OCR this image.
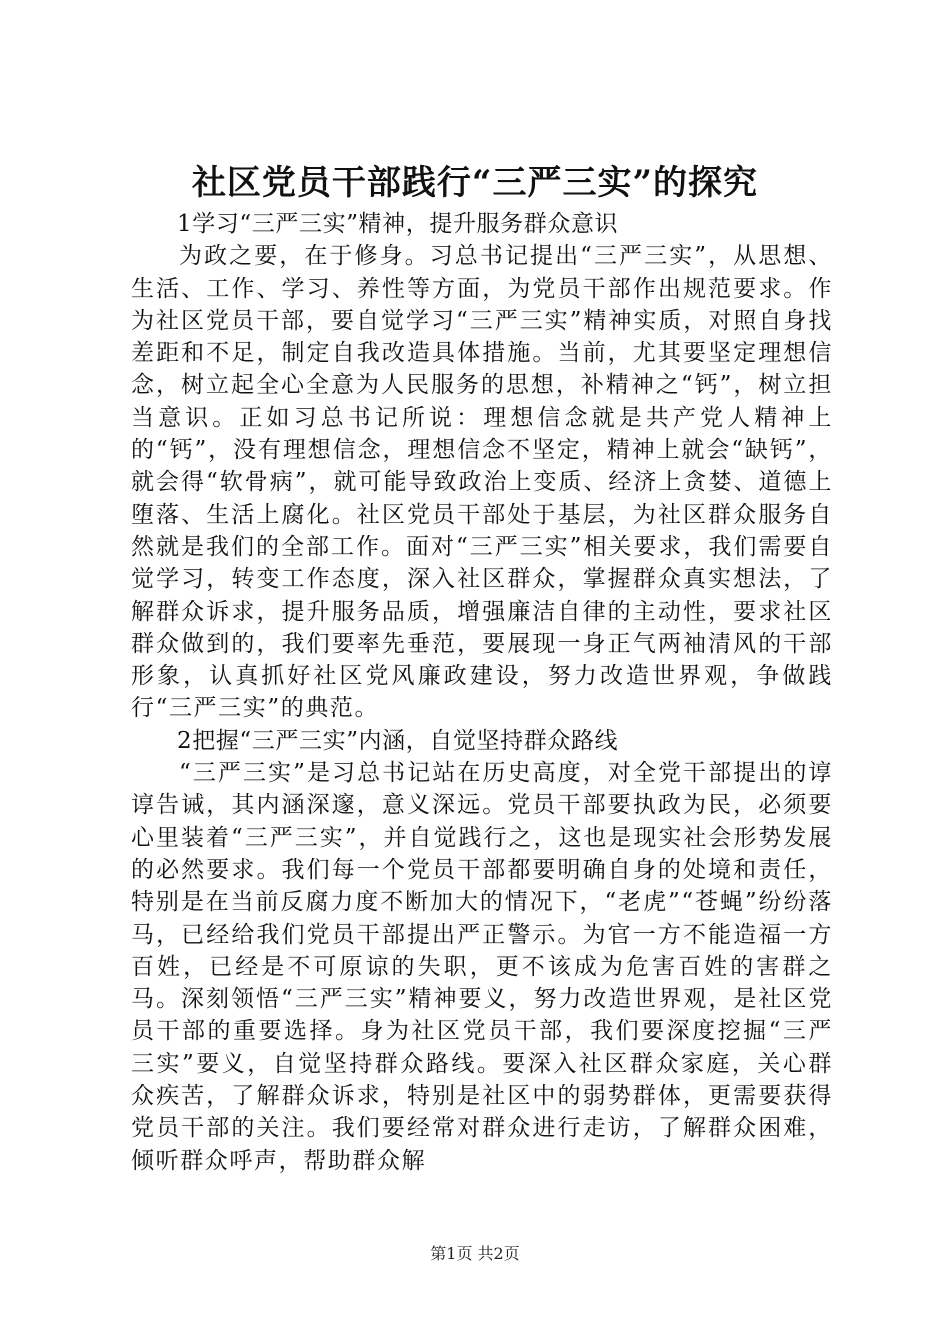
社区党员干部践行“三严三实”的探究

1学习“三严三实”精神，提升服务群众意识

为政之要，在于修身。习总书记提出“三严三实”，从思想、生活、工作、学习、养性等方面，为党员干部作出规范要求。作为社区党员干部，要自觉学习“三严三实”精神实质，对照自身找差距和不足，制定自我改造具体措施。当前，尤其要坚定理想信念，树立起全心全意为人民服务的思想，补精神之“钙”，树立担当意识。正如习总书记所说：理想信念就是共产党人精神上的“钙”，没有理想信念，理想信念不坚定，精神上就会“缺钙”，就会得“软骨病”，就可能导致政治上变质、经济上贪婪、道德上堕落、生活上腐化。社区党员干部处于基层，为社区群众服务自然就是我们的全部工作。面对“三严三实”相关要求，我们需要自觉学习，转变工作态度，深入社区群众，掌握群众真实想法，了解群众诉求，提升服务品质，增强廉洁自律的主动性，要求社区群众做到的，我们要率先垂范，要展现一身正气两袖清风的干部形象，认真抓好社区党风廉政建设，努力改造世界观，争做践行“三严三实”的典范。

2把握“三严三实”内涵，自觉坚持群众路线

“三严三实”是习总书记站在历史高度，对全党干部提出的谆谆告诫，其内涵深邃，意义深远。党员干部要执政为民，必须要心里装着“三严三实”，并自觉践行之，这也是现实社会形势发展的必然要求。我们每一个党员干部都要明确自身的处境和责任，特别是在当前反腐力度不断加大的情况下，“老虎”“苍蝇”纷纷落马，已经给我们党员干部提出严正警示。为官一方不能造福一方百姓，已经是不可原谅的失职，更不该成为危害百姓的害群之马。深刻领悟“三严三实”精神要义，努力改造世界观，是社区党员干部的重要选择。身为社区党员干部，我们要深度挖掘“三严三实”要义，自觉坚持群众路线。要深入社区群众家庭，关心群众疾苦，了解群众诉求，特别是社区中的弱势群体，更需要获得党员干部的关注。我们要经常对群众进行走访，了解群众困难，倾听群众呼声，帮助群众解

第1页 共2页
